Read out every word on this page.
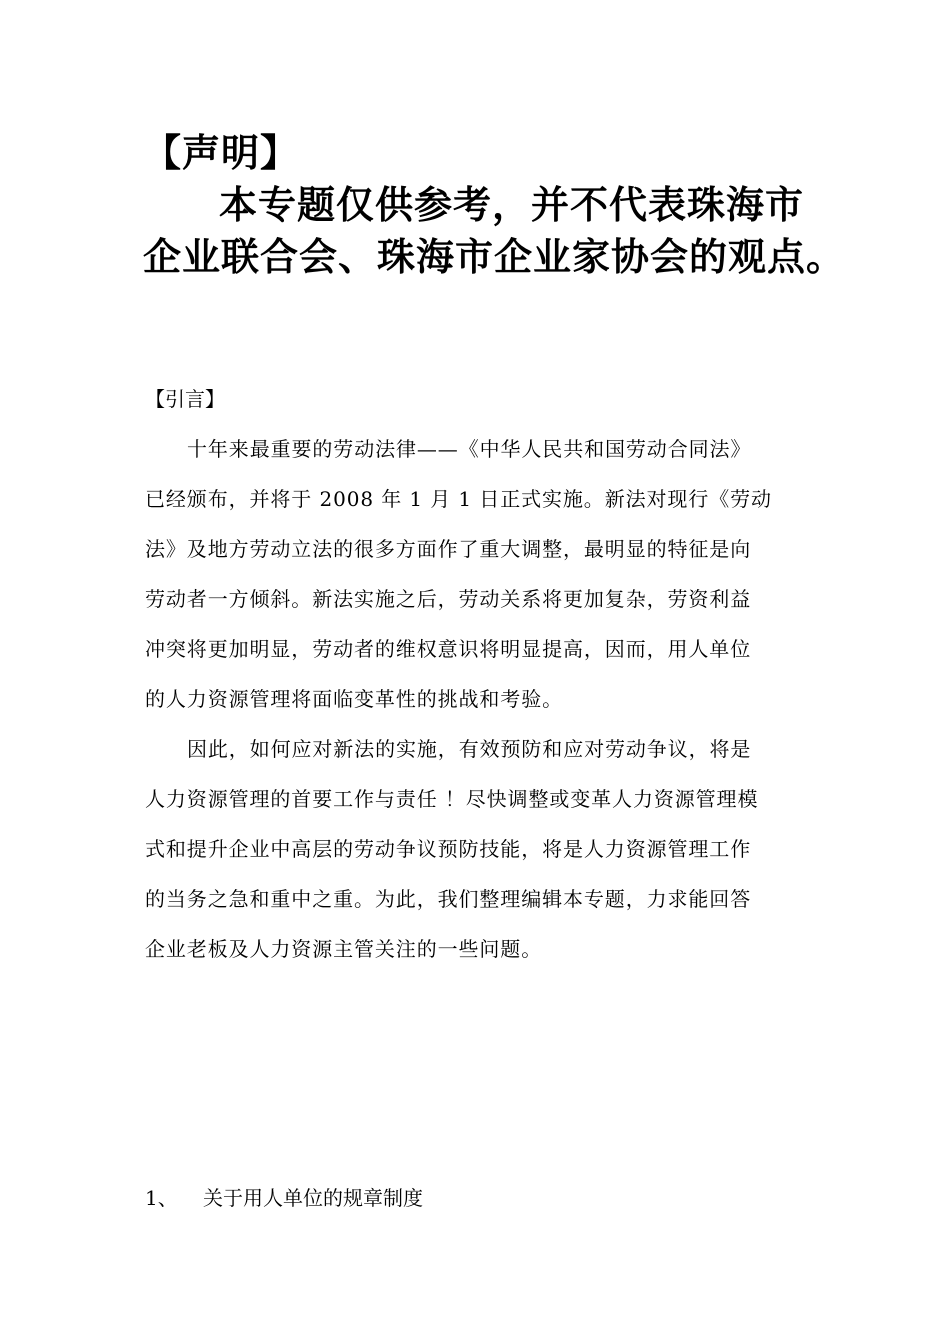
【声明】
本专题仅供参考，并不代表珠海市
企业联合会、珠海市企业家协会的观点。
【引言】
十年来最重要的劳动法律——《中华人民共和国劳动合同法》
已经颁布，并将于 2008 年 1 月 1 日正式实施。新法对现行《劳动
法》及地方劳动立法的很多方面作了重大调整，最明显的特征是向
劳动者一方倾斜。新法实施之后，劳动关系将更加复杂，劳资利益
冲突将更加明显，劳动者的维权意识将明显提高，因而，用人单位
的人力资源管理将面临变革性的挑战和考验。
因此，如何应对新法的实施，有效预防和应对劳动争议，将是
人力资源管理的首要工作与责任 ！尽快调整或变革人力资源管理模
式和提升企业中高层的劳动争议预防技能，将是人力资源管理工作
的当务之急和重中之重。为此，我们整理编辑本专题，力求能回答
企业老板及人力资源主管关注的一些问题。
1、 关于用人单位的规章制度
